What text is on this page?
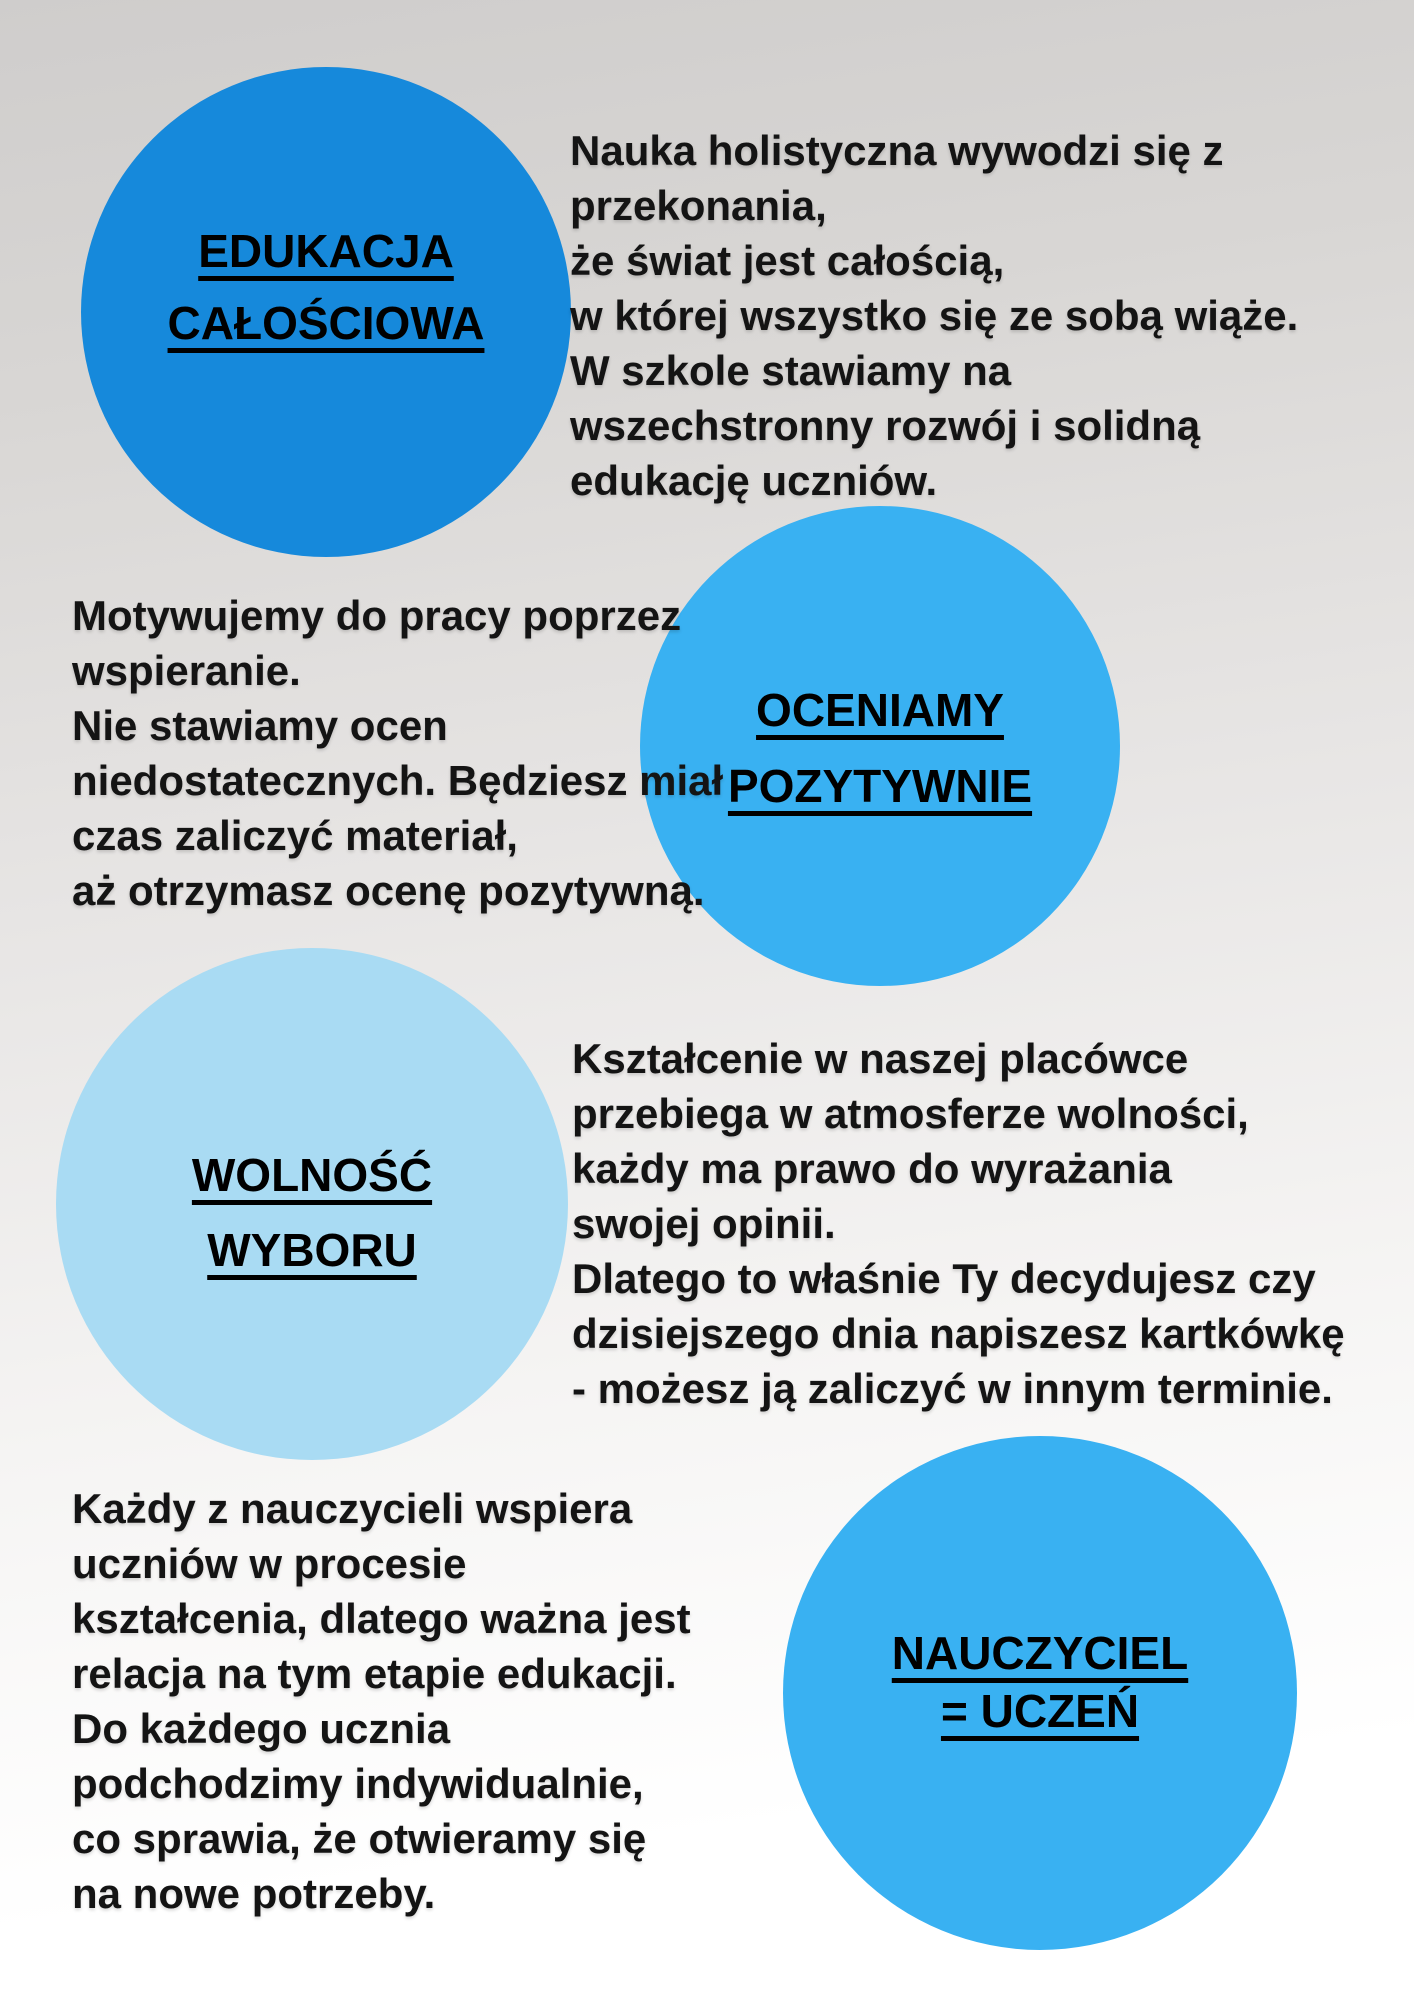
EDUKACJA
CAŁOŚCIOWA
Nauka holistyczna wywodzi się z
przekonania,
że świat jest całością,
w której wszystko się ze sobą wiąże.
W szkole stawiamy na
wszechstronny rozwój i solidną
edukację uczniów.
OCENIAMY
POZYTYWNIE
Motywujemy do pracy poprzez
wspieranie.
Nie stawiamy ocen
niedostatecznych. Będziesz miał
czas zaliczyć materiał,
aż otrzymasz ocenę pozytywną.
WOLNOŚĆ
WYBORU
Kształcenie w naszej placówce
przebiega w atmosferze wolności,
każdy ma prawo do wyrażania
swojej opinii.
Dlatego to właśnie Ty decydujesz czy
dzisiejszego dnia napiszesz kartkówkę
- możesz ją zaliczyć w innym terminie.
NAUCZYCIEL
= UCZEŃ
Każdy z nauczycieli wspiera
uczniów w procesie
kształcenia, dlatego ważna jest
relacja na tym etapie edukacji.
Do każdego ucznia
podchodzimy indywidualnie,
co sprawia, że otwieramy się
na nowe potrzeby.
